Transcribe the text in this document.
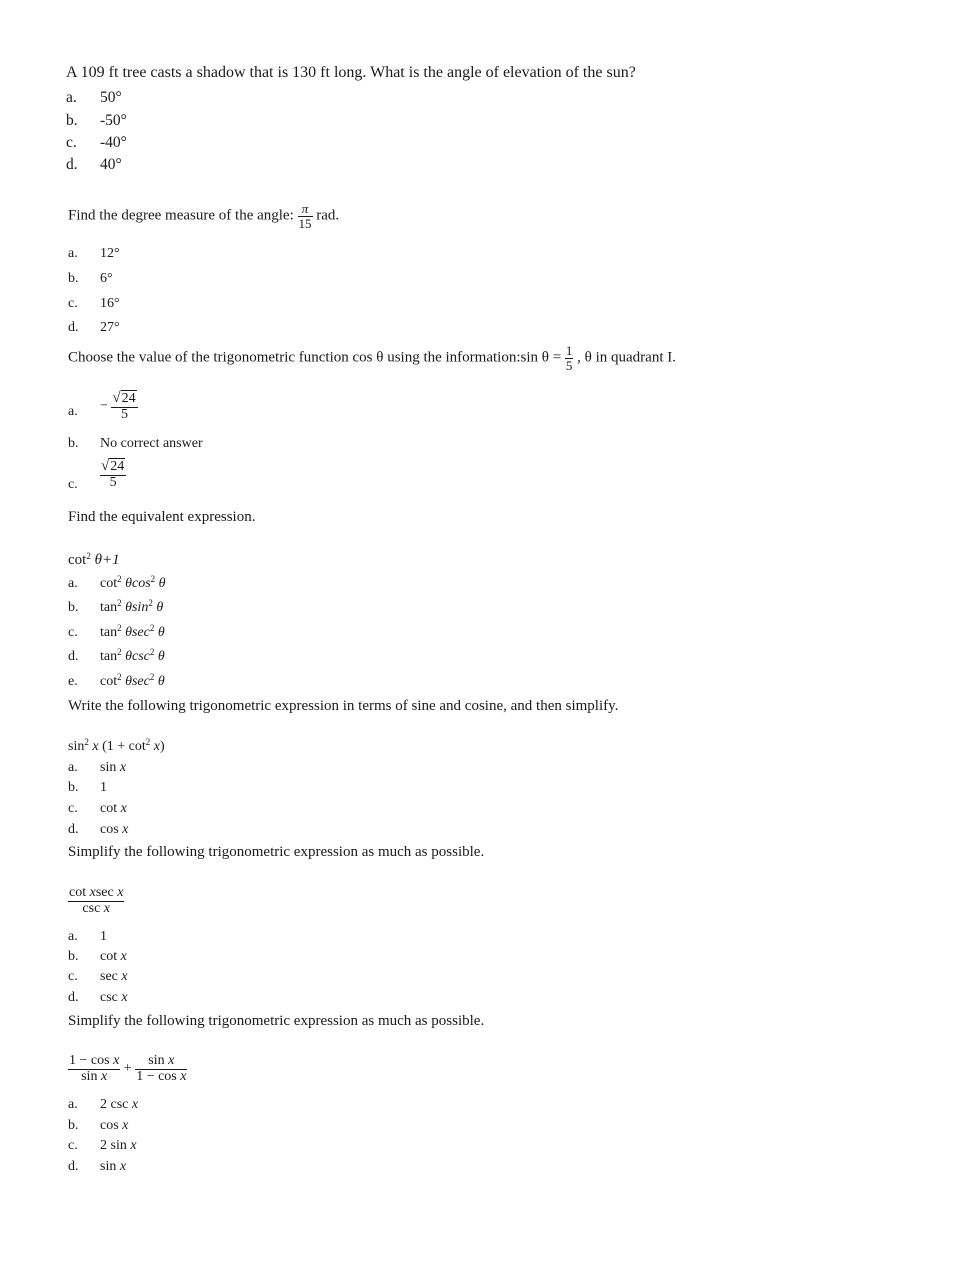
A 109 ft tree casts a shadow that is 130 ft long. What is the angle of elevation of the sun?
a. 50°
b. -50°
c. -40°
d. 40°
Find the degree measure of the angle: $\frac{\pi}{15}$ rad.
a. 12°
b. 6°
c. 16°
d. 27°
Choose the value of the trigonometric function cos θ using the information:sin $\theta = \frac{1}{5}$ , θ in quadrant I.
a. − $\frac{√24}{5}$
b. No correct answer
c. $\frac{√24}{5}$
Find the equivalent expression.
$\cot^2 \theta+1$
a. $\cot^2 \theta\cos^2$ θ
b. $\tan^2 \theta\sin^2$ θ
c. $\tan^2 \theta\sec^2$ θ
d. $\tan^2 \theta\csc^2$ θ
e. $\cot^2 \theta\sec^2$ θ
Write the following trigonometric expression in terms of sine and cosine, and then simplify.
$\sin^2 x$ $(1 + \cot^2 x)$
a. sin x
b. 1
c. cot x
d. cos x
Simplify the following trigonometric expression as much as possible.
$\frac{\text{cot xsec x}}{\text{csc x}}$
a. 1
b. cot x
c. sec x
d. csc x
Simplify the following trigonometric expression as much as possible.
$\frac{\text{1 − cos x}}{\text{sin x}} + \frac{\text{sin x}}{\text{1 − cos x}}$
a. 2 csc x
b. cos x
c. 2 sin x
d. sin x
